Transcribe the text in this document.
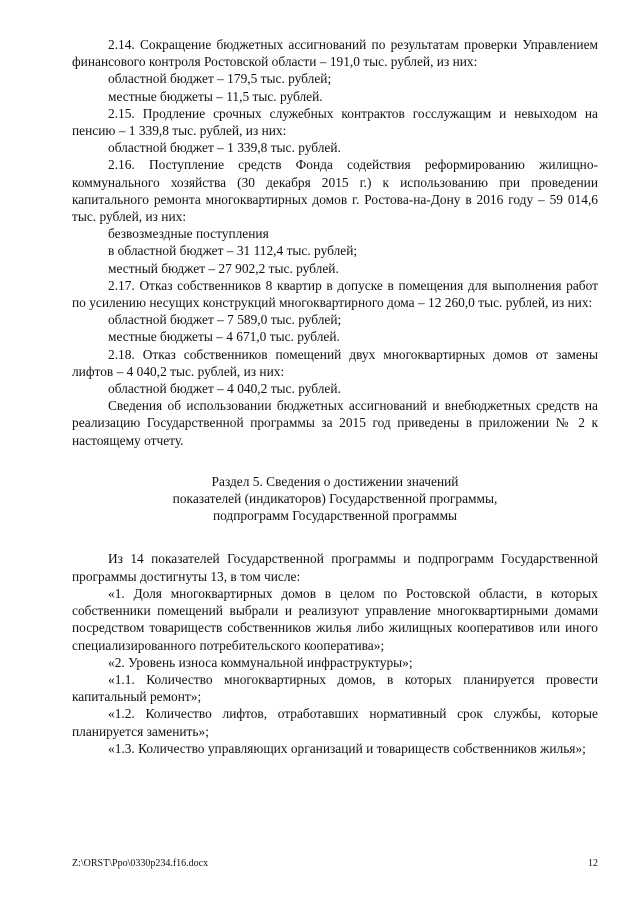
2.14. Сокращение бюджетных ассигнований по результатам проверки Управлением финансового контроля Ростовской области – 191,0 тыс. рублей, из них:

областной бюджет – 179,5 тыс. рублей;

местные бюджеты – 11,5 тыс. рублей.

2.15. Продление срочных служебных контрактов госслужащим и невыходом на пенсию – 1 339,8 тыс. рублей, из них:

областной бюджет – 1 339,8 тыс. рублей.

2.16. Поступление средств Фонда содействия реформированию жилищно-коммунального хозяйства (30 декабря 2015 г.) к использованию при проведении капитального ремонта многоквартирных домов г. Ростова-на-Дону в 2016 году – 59 014,6 тыс. рублей, из них:

безвозмездные поступления

в областной бюджет – 31 112,4 тыс. рублей;

местный бюджет – 27 902,2 тыс. рублей.

2.17. Отказ собственников 8 квартир в допуске в помещения для выполнения работ по усилению несущих конструкций многоквартирного дома – 12 260,0 тыс. рублей, из них:

областной бюджет – 7 589,0 тыс. рублей;

местные бюджеты – 4 671,0 тыс. рублей.

2.18. Отказ собственников помещений двух многоквартирных домов от замены лифтов – 4 040,2 тыс. рублей, из них:

областной бюджет – 4 040,2 тыс. рублей.

Сведения об использовании бюджетных ассигнований и внебюджетных средств на реализацию Государственной программы за 2015 год приведены в приложении № 2 к настоящему отчету.

Раздел 5. Сведения о достижении значений
показателей (индикаторов) Государственной программы,
подпрограмм Государственной программы

Из 14 показателей Государственной программы и подпрограмм Государственной программы достигнуты 13, в том числе:

«1. Доля многоквартирных домов в целом по Ростовской области, в которых собственники помещений выбрали и реализуют управление многоквартирными домами посредством товариществ собственников жилья либо жилищных кооперативов или иного специализированного потребительского кооператива»;

«2. Уровень износа коммунальной инфраструктуры»;

«1.1. Количество многоквартирных домов, в которых планируется провести капитальный ремонт»;

«1.2. Количество лифтов, отработавших нормативный срок службы, которые планируется заменить»;

«1.3. Количество управляющих организаций и товариществ собственников жилья»;

Z:\ORST\Ppo\0330p234.f16.docx	12
